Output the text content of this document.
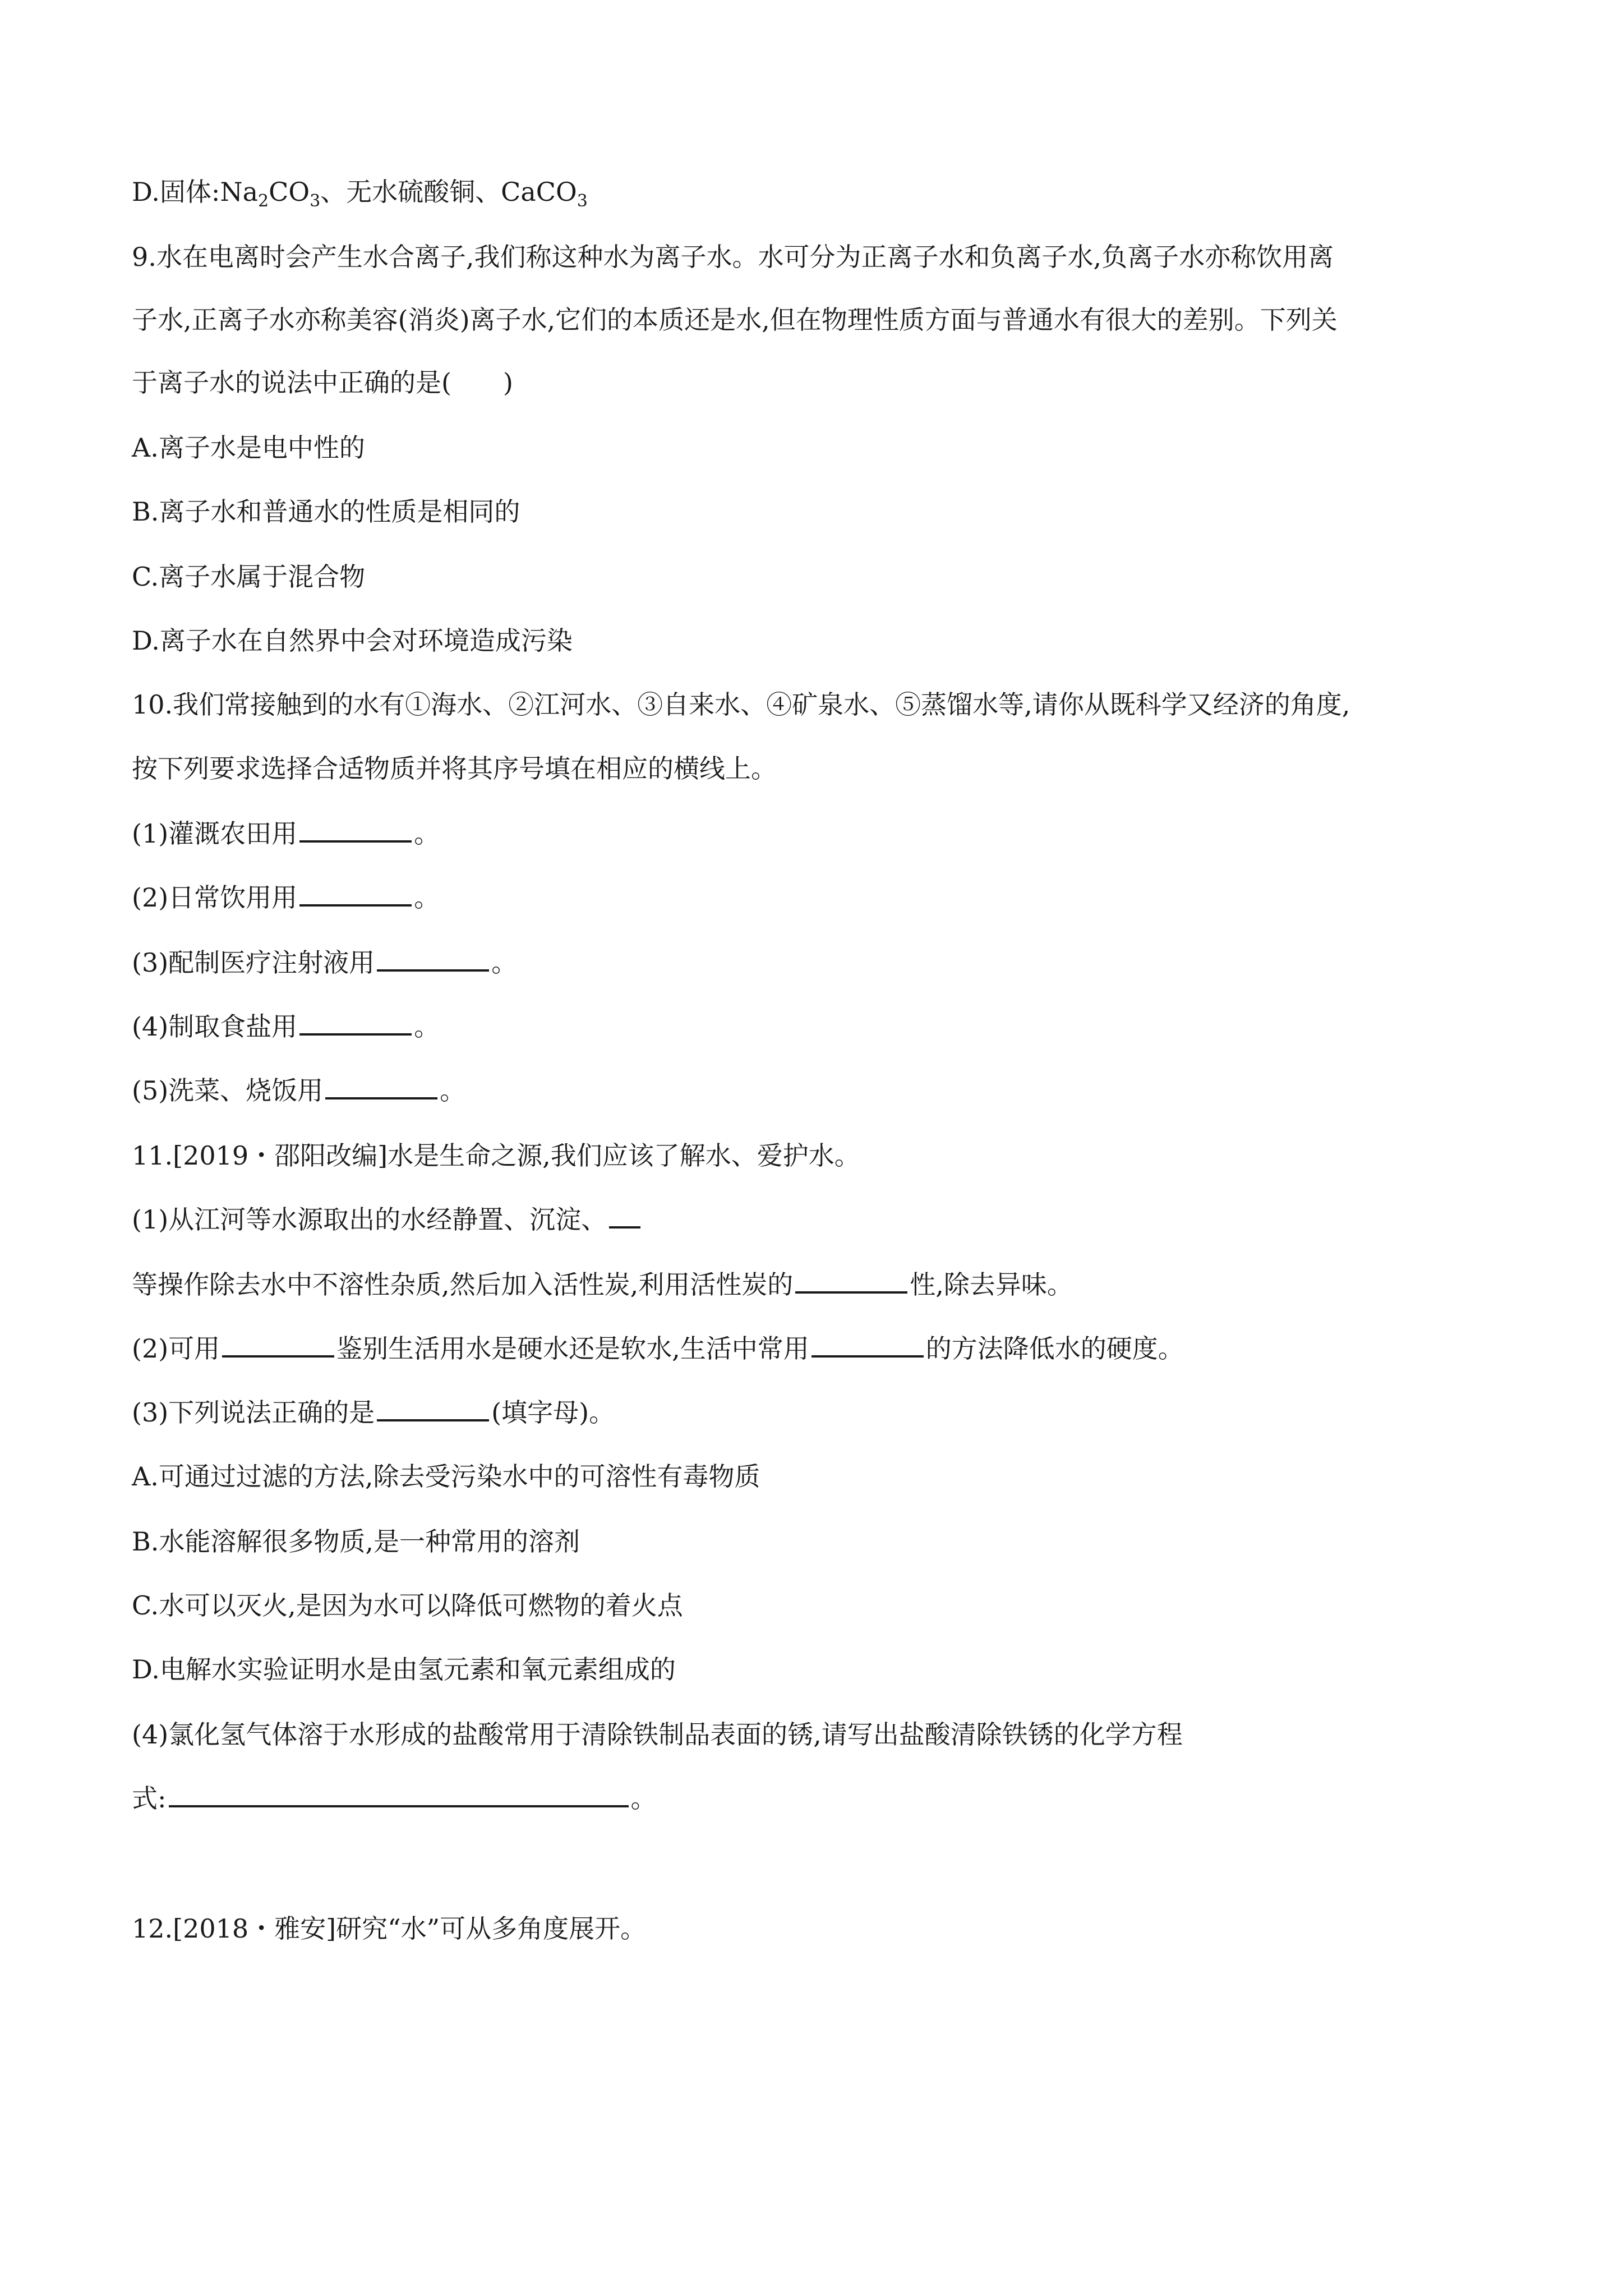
D.固体$:Na_2CO_3$、无水硫酸铜、CaCO$_3$
9.水在电离时会产生水合离子,我们称这种水为离子水。水可分为正离子水和负离子水,负离子水亦称饮用离
子水,正离子水亦称美容(消炎)离子水,它们的本质还是水,但在物理性质方面与普通水有很大的差别。下列关
于离子水的说法中正确的是(　　)
A.离子水是电中性的
B.离子水和普通水的性质是相同的
C.离子水属于混合物
D.离子水在自然界中会对环境造成污染
10.我们常接触到的水有①海水、②江河水、③自来水、④矿泉水、⑤蒸馏水等,请你从既科学又经济的角度,
按下列要求选择合适物质并将其序号填在相应的横线上。
(1)灌溉农田用	。
(2)日常饮用用	。
(3)配制医疗注射液用	。
(4)制取食盐用	。
(5)洗菜、烧饭用	。
11.[2019・邵阳改编]水是生命之源,我们应该了解水、爱护水。
(1)从江河等水源取出的水经静置、沉淀、
等操作除去水中不溶性杂质,然后加入活性炭,利用活性炭的	性,除去异味。
(2)可用	鉴别生活用水是硬水还是软水,生活中常用	的方法降低水的硬度。
(3)下列说法正确的是	(填字母)。
A.可通过过滤的方法,除去受污染水中的可溶性有毒物质
B.水能溶解很多物质,是一种常用的溶剂
C.水可以灭火,是因为水可以降低可燃物的着火点
D.电解水实验证明水是由氢元素和氧元素组成的
(4)氯化氢气体溶于水形成的盐酸常用于清除铁制品表面的锈,请写出盐酸清除铁锈的化学方程
式:	。
12.[2018・雅安]研究“水”可从多角度展开。
